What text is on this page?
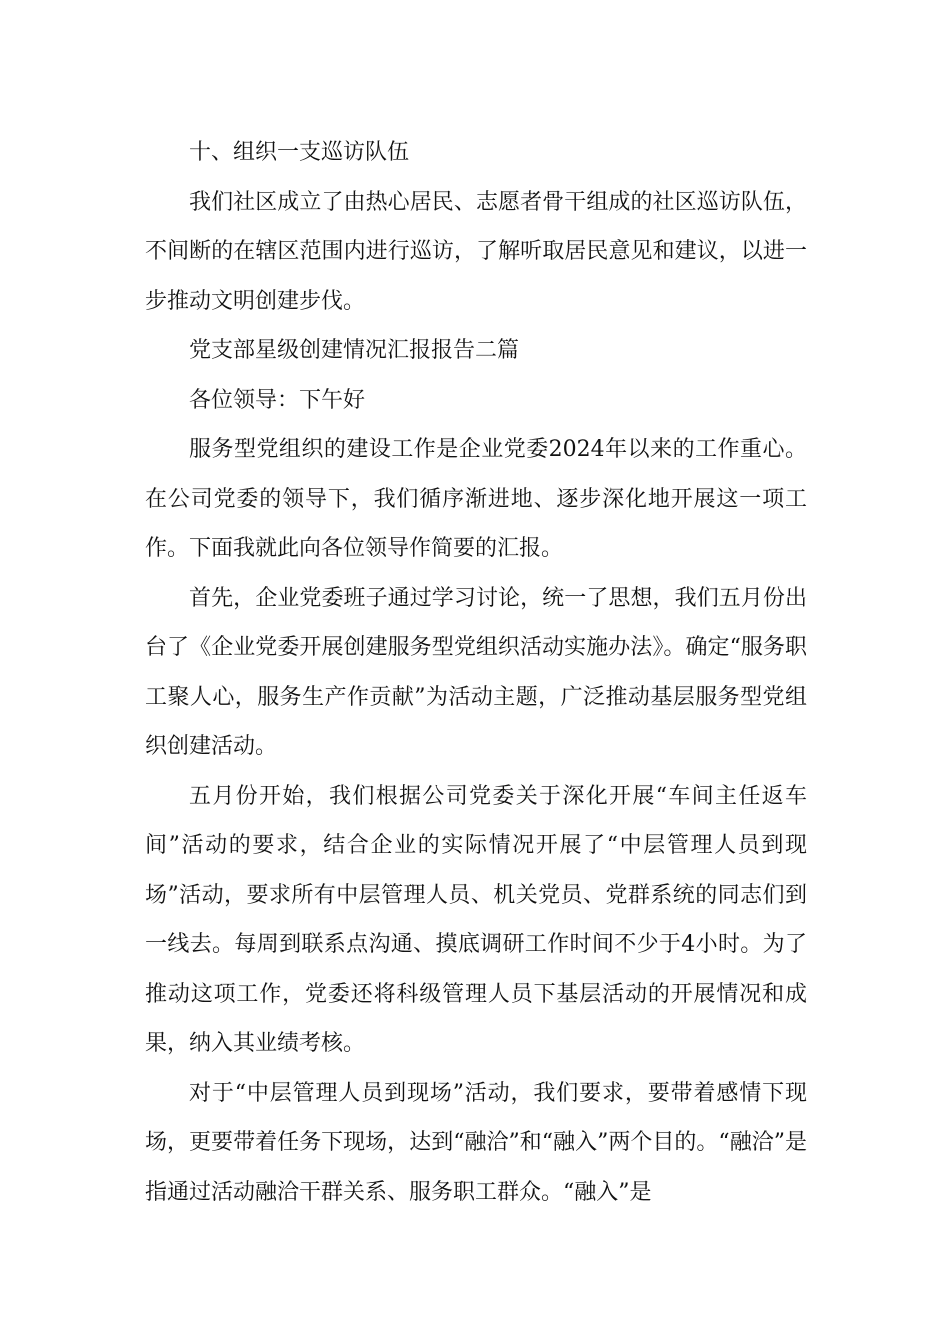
十、组织一支巡访队伍

我们社区成立了由热心居民、志愿者骨干组成的社区巡访队伍，不间断的在辖区范围内进行巡访，了解听取居民意见和建议，以进一步推动文明创建步伐。

党支部星级创建情况汇报报告二篇

各位领导：下午好

服务型党组织的建设工作是企业党委2024年以来的工作重心。在公司党委的领导下，我们循序渐进地、逐步深化地开展这一项工作。下面我就此向各位领导作简要的汇报。

首先，企业党委班子通过学习讨论，统一了思想，我们五月份出台了《企业党委开展创建服务型党组织活动实施办法》。确定“服务职工聚人心，服务生产作贡献”为活动主题，广泛推动基层服务型党组织创建活动。

五月份开始，我们根据公司党委关于深化开展“车间主任返车间”活动的要求，结合企业的实际情况开展了“中层管理人员到现场”活动，要求所有中层管理人员、机关党员、党群系统的同志们到一线去。每周到联系点沟通、摸底调研工作时间不少于4小时。为了推动这项工作，党委还将科级管理人员下基层活动的开展情况和成果，纳入其业绩考核。

对于“中层管理人员到现场”活动，我们要求，要带着感情下现场，更要带着任务下现场，达到“融洽”和“融入”两个目的。“融洽”是指通过活动融洽干群关系、服务职工群众。“融入”是
